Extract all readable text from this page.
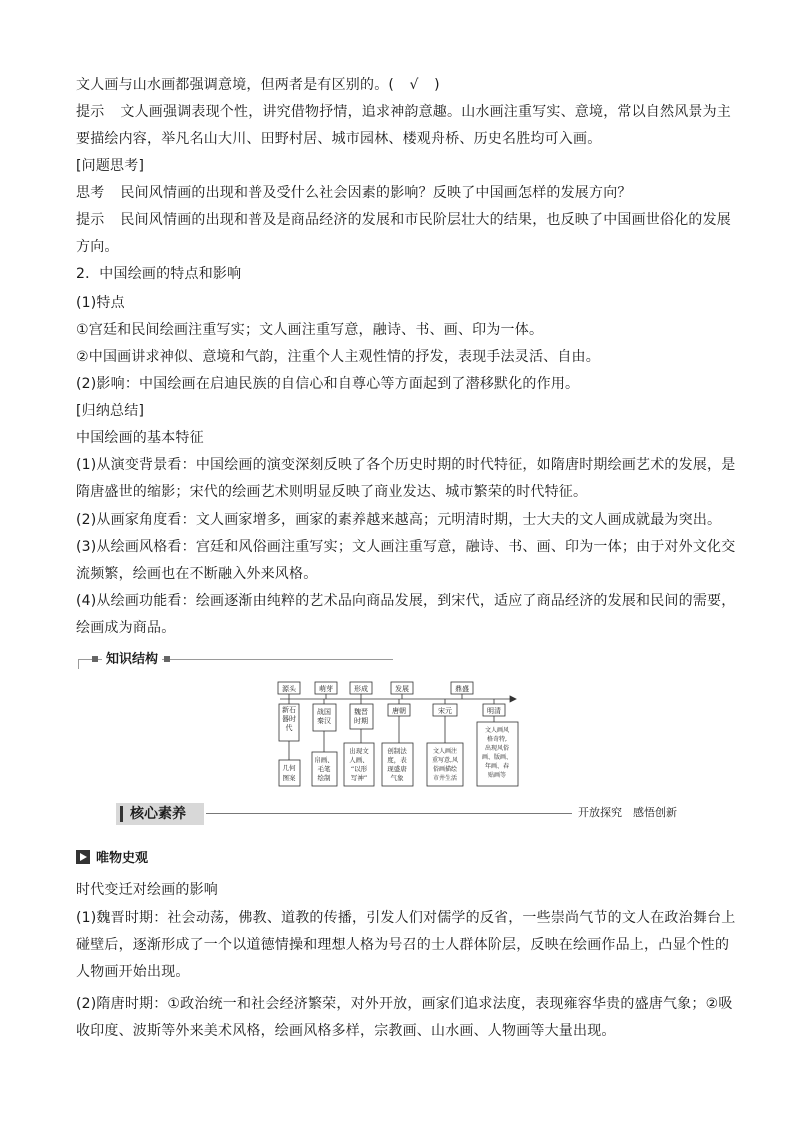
文人画与山水画都强调意境，但两者是有区别的。( √ )
提示 文人画强调表现个性，讲究借物抒情，追求神韵意趣。山水画注重写实、意境，常以自然风景为主
要描绘内容，举凡名山大川、田野村居、城市园林、楼观舟桥、历史名胜均可入画。
[问题思考]
思考 民间风情画的出现和普及受什么社会因素的影响？反映了中国画怎样的发展方向？
提示 民间风情画的出现和普及是商品经济的发展和市民阶层壮大的结果，也反映了中国画世俗化的发展
方向。
2．中国绘画的特点和影响
(1)特点
①宫廷和民间绘画注重写实；文人画注重写意，融诗、书、画、印为一体。
②中国画讲求神似、意境和气韵，注重个人主观性情的抒发，表现手法灵活、自由。
(2)影响：中国绘画在启迪民族的自信心和自尊心等方面起到了潜移默化的作用。
[归纳总结]
中国绘画的基本特征
(1)从演变背景看：中国绘画的演变深刻反映了各个历史时期的时代特征，如隋唐时期绘画艺术的发展，是
隋唐盛世的缩影；宋代的绘画艺术则明显反映了商业发达、城市繁荣的时代特征。
(2)从画家角度看：文人画家增多，画家的素养越来越高；元明清时期，士大夫的文人画成就最为突出。
(3)从绘画风格看：宫廷和风俗画注重写实；文人画注重写意，融诗、书、画、印为一体；由于对外文化交
流频繁，绘画也在不断融入外来风格。
(4)从绘画功能看：绘画逐渐由纯粹的艺术品向商品发展，到宋代，适应了商品经济的发展和民间的需要，
绘画成为商品。
知识结构
源头	萌芽	形成	发展	鼎盛
新石
器时
代
战国
秦汉
魏晋
时期
唐朝	宋元	明清
几何
图案
帛画、
毛笔
绘制
出现文
人画、
“以形
写神”
创制法
度，表
现盛唐
气象
文人画注
重写意,风
俗画描绘
市井生活
文人画风
格奇特,
出现风俗
画、版画、
年画、春
贴画等
核心素养	开放探究　感悟创新
唯物史观
时代变迁对绘画的影响
(1)魏晋时期：社会动荡，佛教、道教的传播，引发人们对儒学的反省，一些崇尚气节的文人在政治舞台上
碰壁后，逐渐形成了一个以道德情操和理想人格为号召的士人群体阶层，反映在绘画作品上，凸显个性的
人物画开始出现。
(2)隋唐时期：①政治统一和社会经济繁荣，对外开放，画家们追求法度，表现雍容华贵的盛唐气象；②吸
收印度、波斯等外来美术风格，绘画风格多样，宗教画、山水画、人物画等大量出现。
